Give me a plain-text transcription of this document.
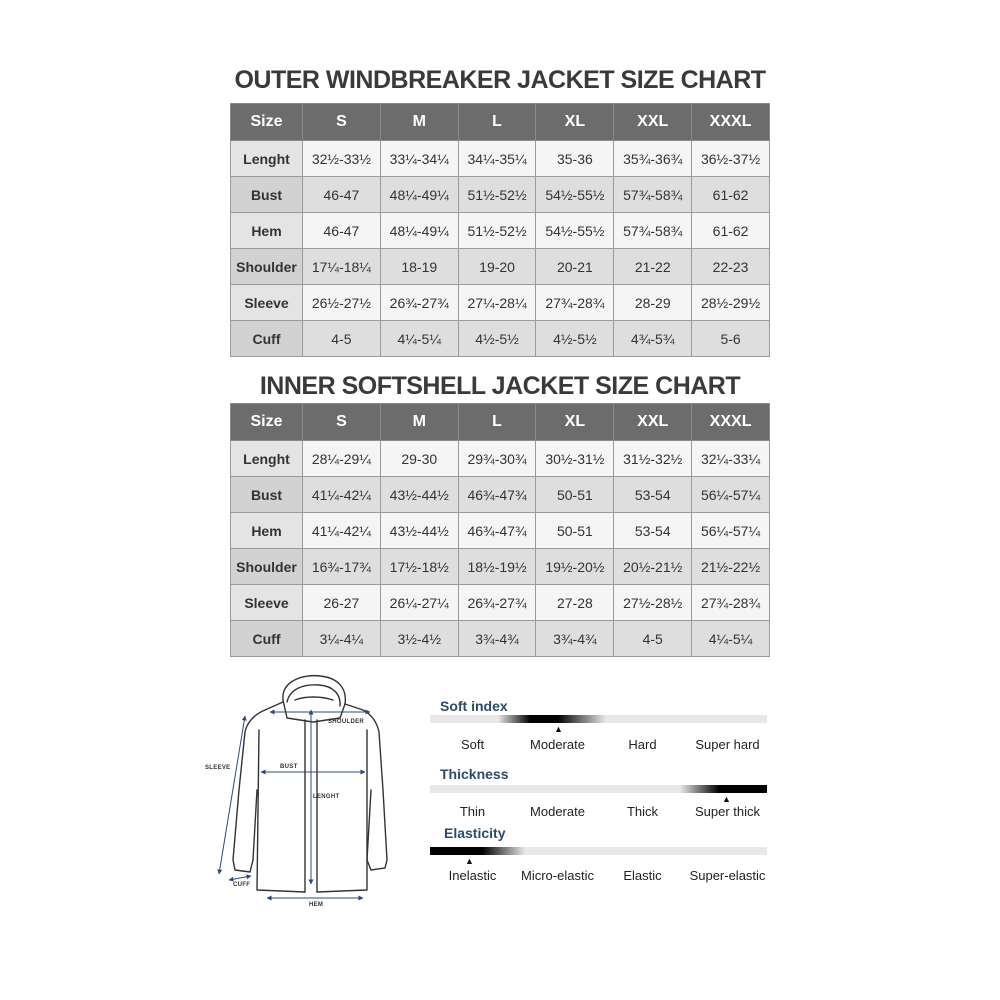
OUTER WINDBREAKER JACKET SIZE CHART
Size	S	M	L	XL	XXL	XXXL
Lenght	32½-33½	33¼-34¼	34¼-35¼	35-36	35¾-36¾	36½-37½
Bust	46-47	48¼-49¼	51½-52½	54½-55½	57¾-58¾	61-62
Hem	46-47	48¼-49¼	51½-52½	54½-55½	57¾-58¾	61-62
Shoulder	17¼-18¼	18-19	19-20	20-21	21-22	22-23
Sleeve	26½-27½	26¾-27¾	27¼-28¼	27¾-28¾	28-29	28½-29½
Cuff	4-5	4¼-5¼	4½-5½	4½-5½	4¾-5¾	5-6
INNER SOFTSHELL JACKET SIZE CHART
Size	S	M	L	XL	XXL	XXXL
Lenght	28¼-29¼	29-30	29¾-30¾	30½-31½	31½-32½	32¼-33¼
Bust	41¼-42¼	43½-44½	46¾-47¾	50-51	53-54	56¼-57¼
Hem	41¼-42¼	43½-44½	46¾-47¾	50-51	53-54	56¼-57¼
Shoulder	16¾-17¾	17½-18½	18½-19½	19½-20½	20½-21½	21½-22½
Sleeve	26-27	26¼-27¼	26¾-27¾	27-28	27½-28½	27¾-28¾
Cuff	3¼-4¼	3½-4½	3¾-4¾	3¾-4¾	4-5	4¼-5¼
SHOULDER
BUST
LENGHT
SLEEVE
CUFF
HEM
Soft index
▲
Soft	Moderate	Hard	Super hard
Thickness
▲
Thin	Moderate	Thick	Super thick
Elasticity
▲
Inelastic	Micro-elastic	Elastic	Super-elastic
